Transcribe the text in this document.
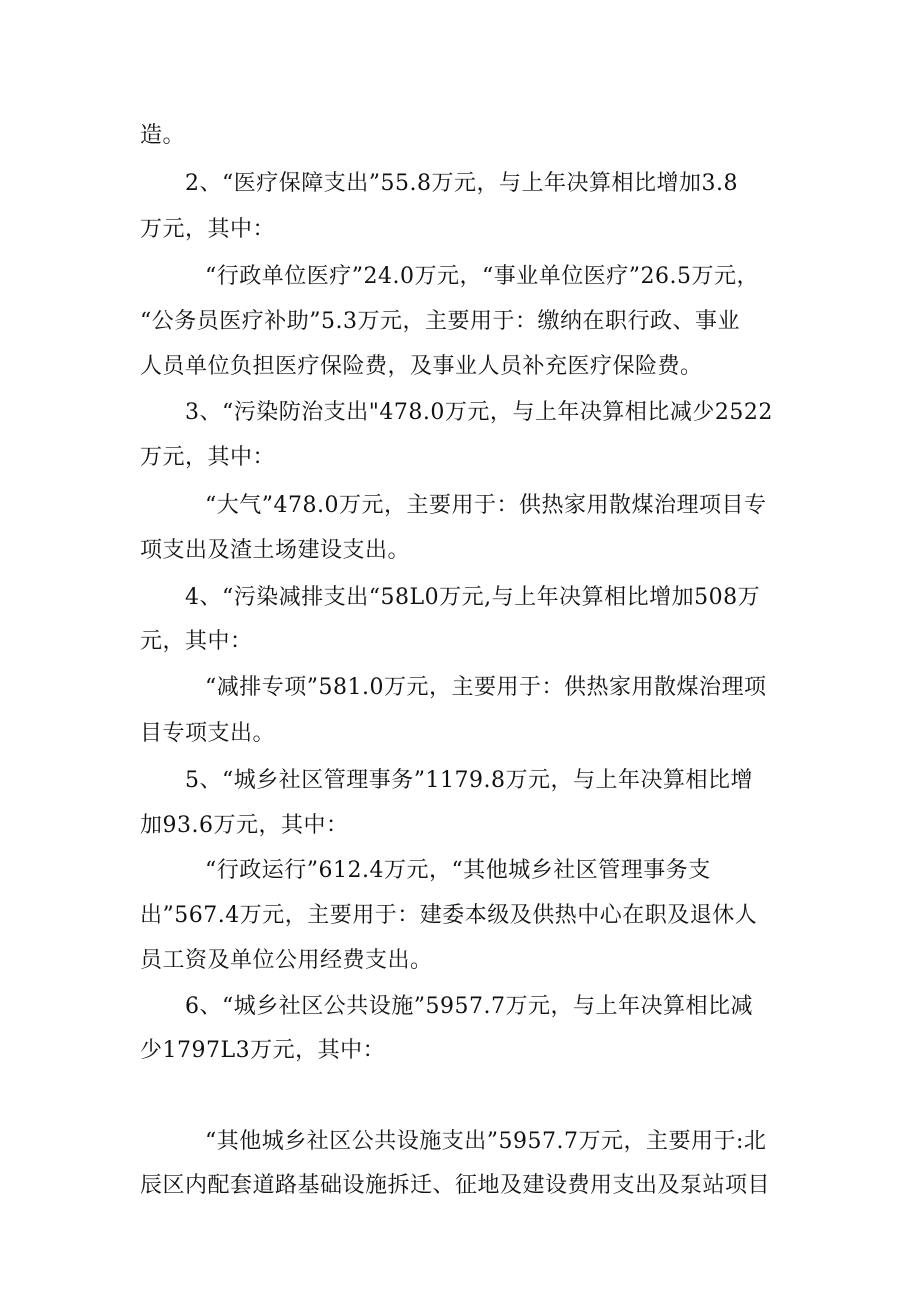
造。
2、“医疗保障支出”55.8万元，与上年决算相比增加3.8
万元，其中：
“行政单位医疗”24.0万元，“事业单位医疗”26.5万元，
“公务员医疗补助”5.3万元，主要用于：缴纳在职行政、事业
人员单位负担医疗保险费，及事业人员补充医疗保险费。
3、“污染防治支出"478.0万元，与上年决算相比减少2522
万元，其中：
“大气”478.0万元，主要用于：供热家用散煤治理项目专
项支出及渣土场建设支出。
4、“污染减排支出“58L0万元,与上年决算相比增加508万
元，其中：
“减排专项”581.0万元，主要用于：供热家用散煤治理项
目专项支出。
5、“城乡社区管理事务”1179.8万元，与上年决算相比增
加93.6万元，其中：
“行政运行”612.4万元，“其他城乡社区管理事务支
出”567.4万元，主要用于：建委本级及供热中心在职及退休人
员工资及单位公用经费支出。
6、“城乡社区公共设施”5957.7万元，与上年决算相比减
少1797L3万元，其中：
“其他城乡社区公共设施支出”5957.7万元，主要用于:北
辰区内配套道路基础设施拆迁、征地及建设费用支出及泵站项目
